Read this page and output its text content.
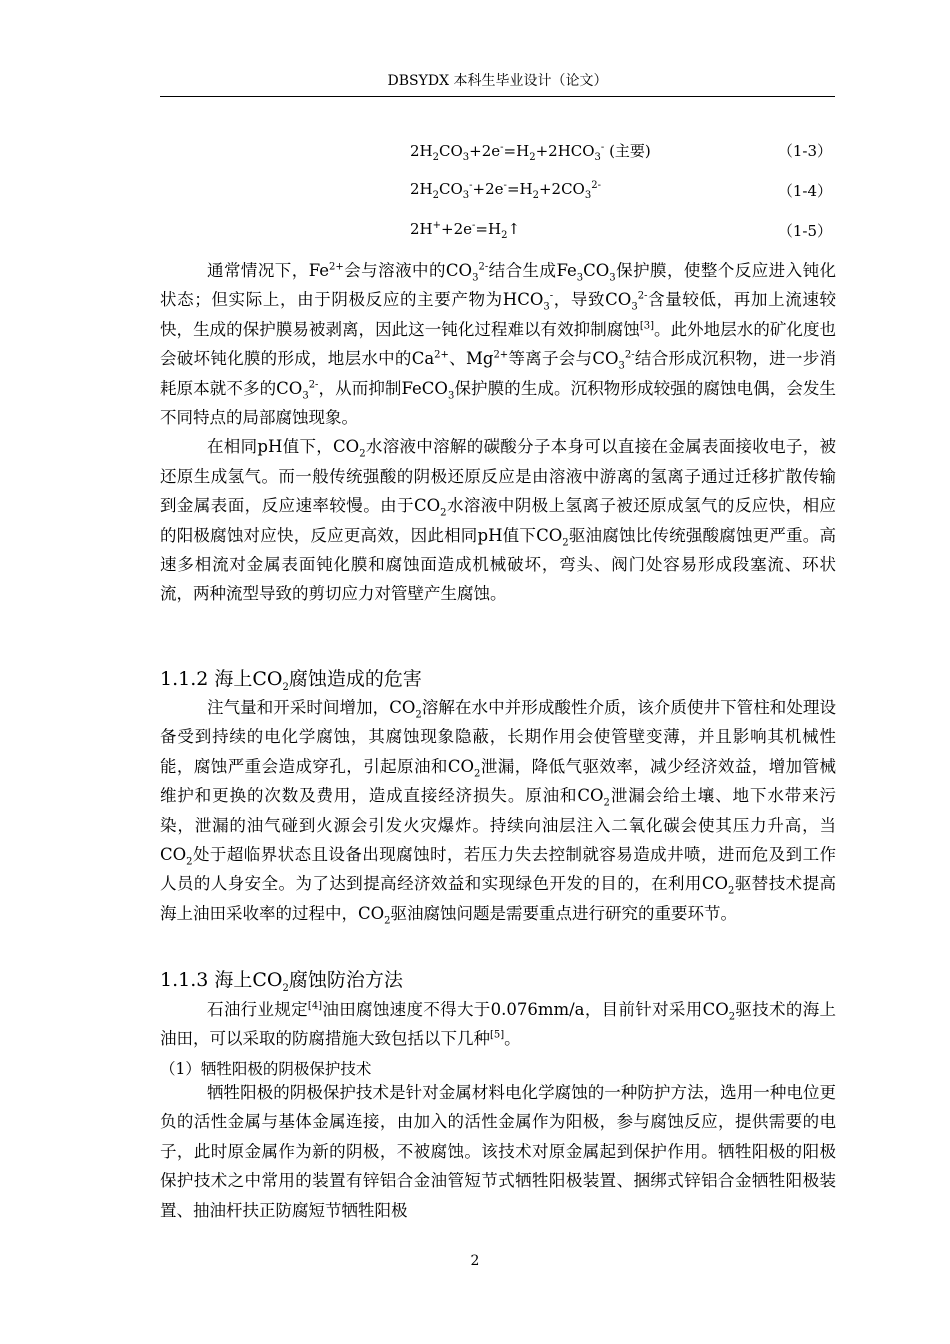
DBSYDX 本科生毕业设计（论文）
$2H_2CO_3+2e^-=H_2+2HCO_3^-$ (主要)	（1-3）
$2H_2CO_3^-+2e^-=H_2+2CO_3^{2-}$	（1-4）
$2H^++2e^-=H_2↑$	（1-5）

通常情况下，$Fe^{2+}$会与溶液中的$CO_3^{2-}$结合生成$Fe_3CO_3$保护膜，使整个反应进入钝化状态；但实际上，由于阴极反应的主要产物为$HCO_3^-$，导致$CO_3^{2-}$含量较低，再加上流速较快，生成的保护膜易被剥离，因此这一钝化过程难以有效抑制腐蚀[3]。此外地层水的矿化度也会破坏钝化膜的形成，地层水中的$Ca^{2+}$、$Mg^{2+}$等离子会与$CO_3^{2-}$结合形成沉积物，进一步消耗原本就不多的$CO_3^{2-}$，从而抑制FeCO$_3$保护膜的生成。沉积物形成较强的腐蚀电偶，会发生不同特点的局部腐蚀现象。

在相同pH值下，$CO_2$水溶液中溶解的碳酸分子本身可以直接在金属表面接收电子，被还原生成氢气。而一般传统强酸的阴极还原反应是由溶液中游离的氢离子通过迁移扩散传输到金属表面，反应速率较慢。由于$CO_2$水溶液中阴极上氢离子被还原成氢气的反应快，相应的阳极腐蚀对应快，反应更高效，因此相同pH值下$CO_2$驱油腐蚀比传统强酸腐蚀更严重。高速多相流对金属表面钝化膜和腐蚀面造成机械破坏，弯头、阀门处容易形成段塞流、环状流，两种流型导致的剪切应力对管壁产生腐蚀。

1.1.2 海上$CO_2$腐蚀造成的危害

注气量和开采时间增加，$CO_2$溶解在水中并形成酸性介质，该介质使井下管柱和处理设备受到持续的电化学腐蚀，其腐蚀现象隐蔽，长期作用会使管壁变薄，并且影响其机械性能，腐蚀严重会造成穿孔，引起原油和$CO_2$泄漏，降低气驱效率，减少经济效益，增加管械维护和更换的次数及费用，造成直接经济损失。原油和$CO_2$泄漏会给土壤、地下水带来污染，泄漏的油气碰到火源会引发火灾爆炸。持续向油层注入二氧化碳会使其压力升高，当$CO_2$处于超临界状态且设备出现腐蚀时，若压力失去控制就容易造成井喷，进而危及到工作人员的人身安全。为了达到提高经济效益和实现绿色开发的目的，在利用$CO_2$驱替技术提高海上油田采收率的过程中，$CO_2$驱油腐蚀问题是需要重点进行研究的重要环节。

1.1.3 海上$CO_2$腐蚀防治方法

石油行业规定[4]油田腐蚀速度不得大于0.076mm/a，目前针对采用$CO_2$驱技术的海上油田，可以采取的防腐措施大致包括以下几种[5]。

（1）牺牲阳极的阴极保护技术

牺牲阳极的阴极保护技术是针对金属材料电化学腐蚀的一种防护方法，选用一种电位更负的活性金属与基体金属连接，由加入的活性金属作为阳极，参与腐蚀反应，提供需要的电子，此时原金属作为新的阴极，不被腐蚀。该技术对原金属起到保护作用。牺牲阳极的阳极保护技术之中常用的装置有锌铝合金油管短节式牺牲阳极装置、捆绑式锌铝合金牺牲阳极装置、抽油杆扶正防腐短节牺牲阳极

2
